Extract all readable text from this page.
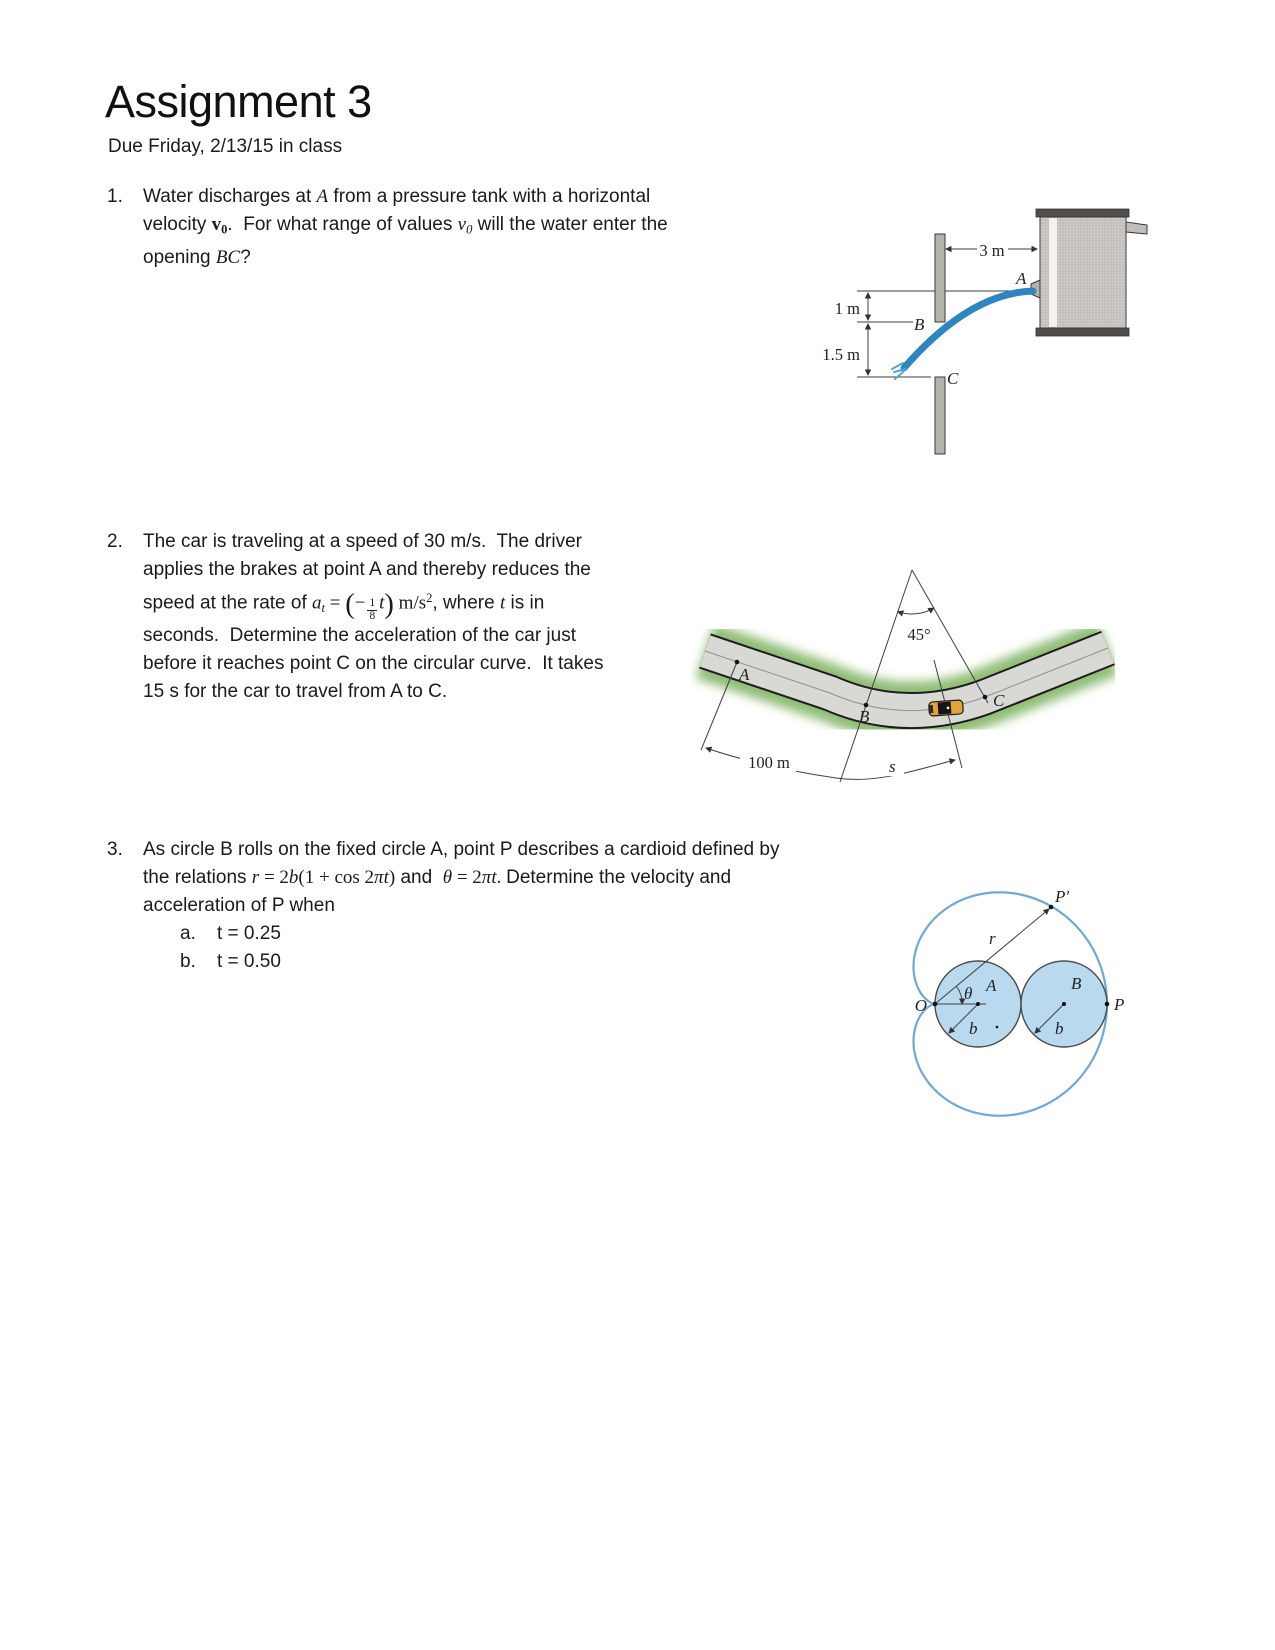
Assignment 3
Due Friday, 2/13/15 in class
1.	Water discharges at A from a pressure tank with a horizontal
velocity $v_0$.  For what range of values $v_0$ will the water enter the
opening BC?
2.	The car is traveling at a speed of 30 m/s.  The driver
applies the brakes at point A and thereby reduces the
speed at the rate of $a_t$ = (− $\frac{1}{8} t$) $m/s^2$, where t is in
seconds.  Determine the acceleration of the car just
before it reaches point C on the circular curve.  It takes
15 s for the car to travel from A to C.
3.	As circle B rolls on the fixed circle A, point P describes a cardioid defined by
the relations r = 2b(1 + cos 2πt) and  θ = 2πt. Determine the velocity and
acceleration of P when
a.	t = 0.25
b.	t = 0.50
3 m
1 m
1.5 m
A
B
C
45°
100 m	s
A
B
C
O
A	B
P
P′
r
θ
b	b
